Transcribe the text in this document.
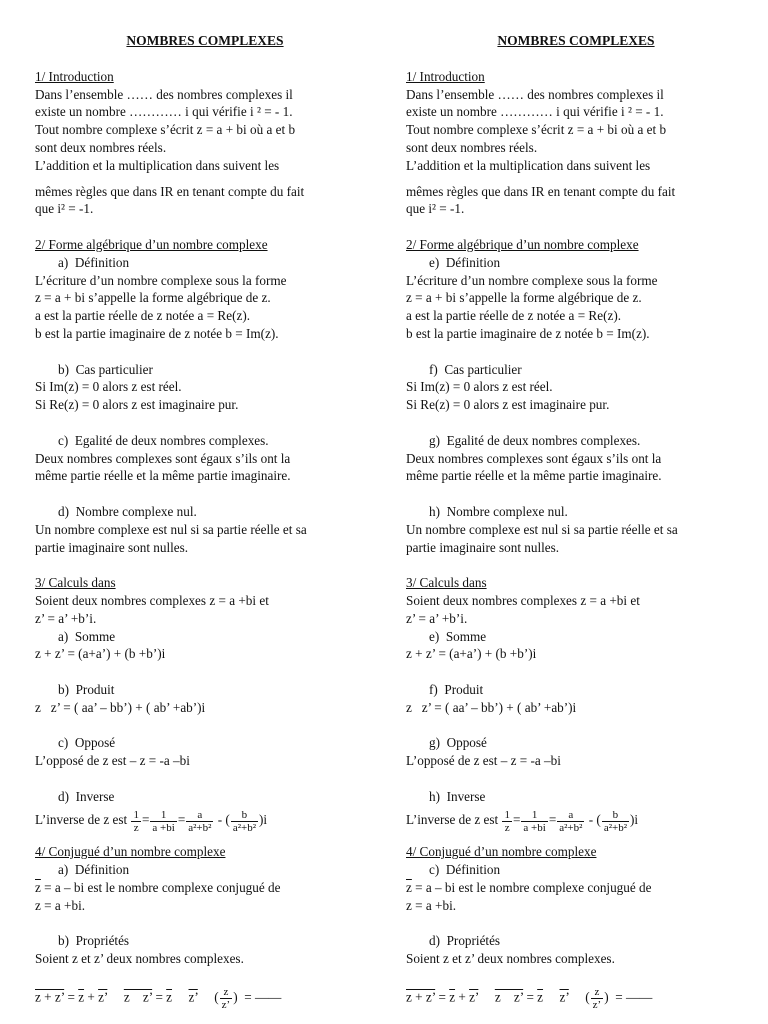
NOMBRES COMPLEXES
1/ Introduction
Dans l’ensemble …… des nombres complexes il
existe un nombre ………… i qui vérifie i ² = - 1.
Tout nombre complexe s’écrit z = a + bi où a et b
sont deux nombres réels.
L’addition et la multiplication dans suivent les
mêmes règles que dans IR en tenant compte du fait
que i² = -1.
2/ Forme algébrique d’un nombre complexe
a) Définition
L’écriture d’un nombre complexe sous la forme
z = a + bi s’appelle la forme algébrique de z.
a est la partie réelle de z notée a = Re(z).
b est la partie imaginaire de z notée b = Im(z).
b) Cas particulier
Si Im(z) = 0 alors z est réel.
Si Re(z) = 0 alors z est imaginaire pur.
c) Egalité de deux nombres complexes.
Deux nombres complexes sont égaux s’ils ont la
même partie réelle et la même partie imaginaire.
d) Nombre complexe nul.
Un nombre complexe est nul si sa partie réelle et sa
partie imaginaire sont nulles.
3/ Calculs dans
Soient deux nombres complexes z = a +bi et
z’ = a’ +b’i.
a) Somme
z + z’ = (a+a’) + (b +b’)i
b) Produit
z   z’ = ( aa’ – bb’) + ( ab’ +ab’)i
c) Opposé
L’opposé de z est – z = -a –bi
d) Inverse
L’inverse de z est $\frac{1}{z} = \frac{1}{a +bi} = \frac{a}{\text{a²+b²}}$ - ( $\frac{b}{\text{a²+b²}} )i$
4/ Conjugué d’un nombre complexe
a) Définition
$\overline{z} = a$ – bi est le nombre complexe conjugué de
z = a +bi.
b) Propriétés
Soient z et z’ deux nombres complexes.

z + z’ = $\overline{z} + z$’ z    z’ = $\overline{z}$ z’     ( $\frac{z}{z’}$ )  = ——
NOMBRES COMPLEXES
1/ Introduction
Dans l’ensemble …… des nombres complexes il
existe un nombre ………… i qui vérifie i ² = - 1.
Tout nombre complexe s’écrit z = a + bi où a et b
sont deux nombres réels.
L’addition et la multiplication dans suivent les
mêmes règles que dans IR en tenant compte du fait
que i² = -1.
2/ Forme algébrique d’un nombre complexe
e) Définition
L’écriture d’un nombre complexe sous la forme
z = a + bi s’appelle la forme algébrique de z.
a est la partie réelle de z notée a = Re(z).
b est la partie imaginaire de z notée b = Im(z).
f) Cas particulier
Si Im(z) = 0 alors z est réel.
Si Re(z) = 0 alors z est imaginaire pur.
g) Egalité de deux nombres complexes.
Deux nombres complexes sont égaux s’ils ont la
même partie réelle et la même partie imaginaire.
h) Nombre complexe nul.
Un nombre complexe est nul si sa partie réelle et sa
partie imaginaire sont nulles.
3/ Calculs dans
Soient deux nombres complexes z = a +bi et
z’ = a’ +b’i.
e) Somme
z + z’ = (a+a’) + (b +b’)i
f) Produit
z   z’ = ( aa’ – bb’) + ( ab’ +ab’)i
g) Opposé
L’opposé de z est – z = -a –bi
h) Inverse
L’inverse de z est $\frac{1}{z} = \frac{1}{a +bi} = \frac{a}{\text{a²+b²}}$ - ( $\frac{b}{\text{a²+b²}} )i$
4/ Conjugué d’un nombre complexe
c) Définition
$\overline{z} = a$ – bi est le nombre complexe conjugué de
z = a +bi.
d) Propriétés
Soient z et z’ deux nombres complexes.

z + z’ = $\overline{z} + z$’ z    z’ = $\overline{z}$ z’     ( $\frac{z}{z’}$ )  = ——
